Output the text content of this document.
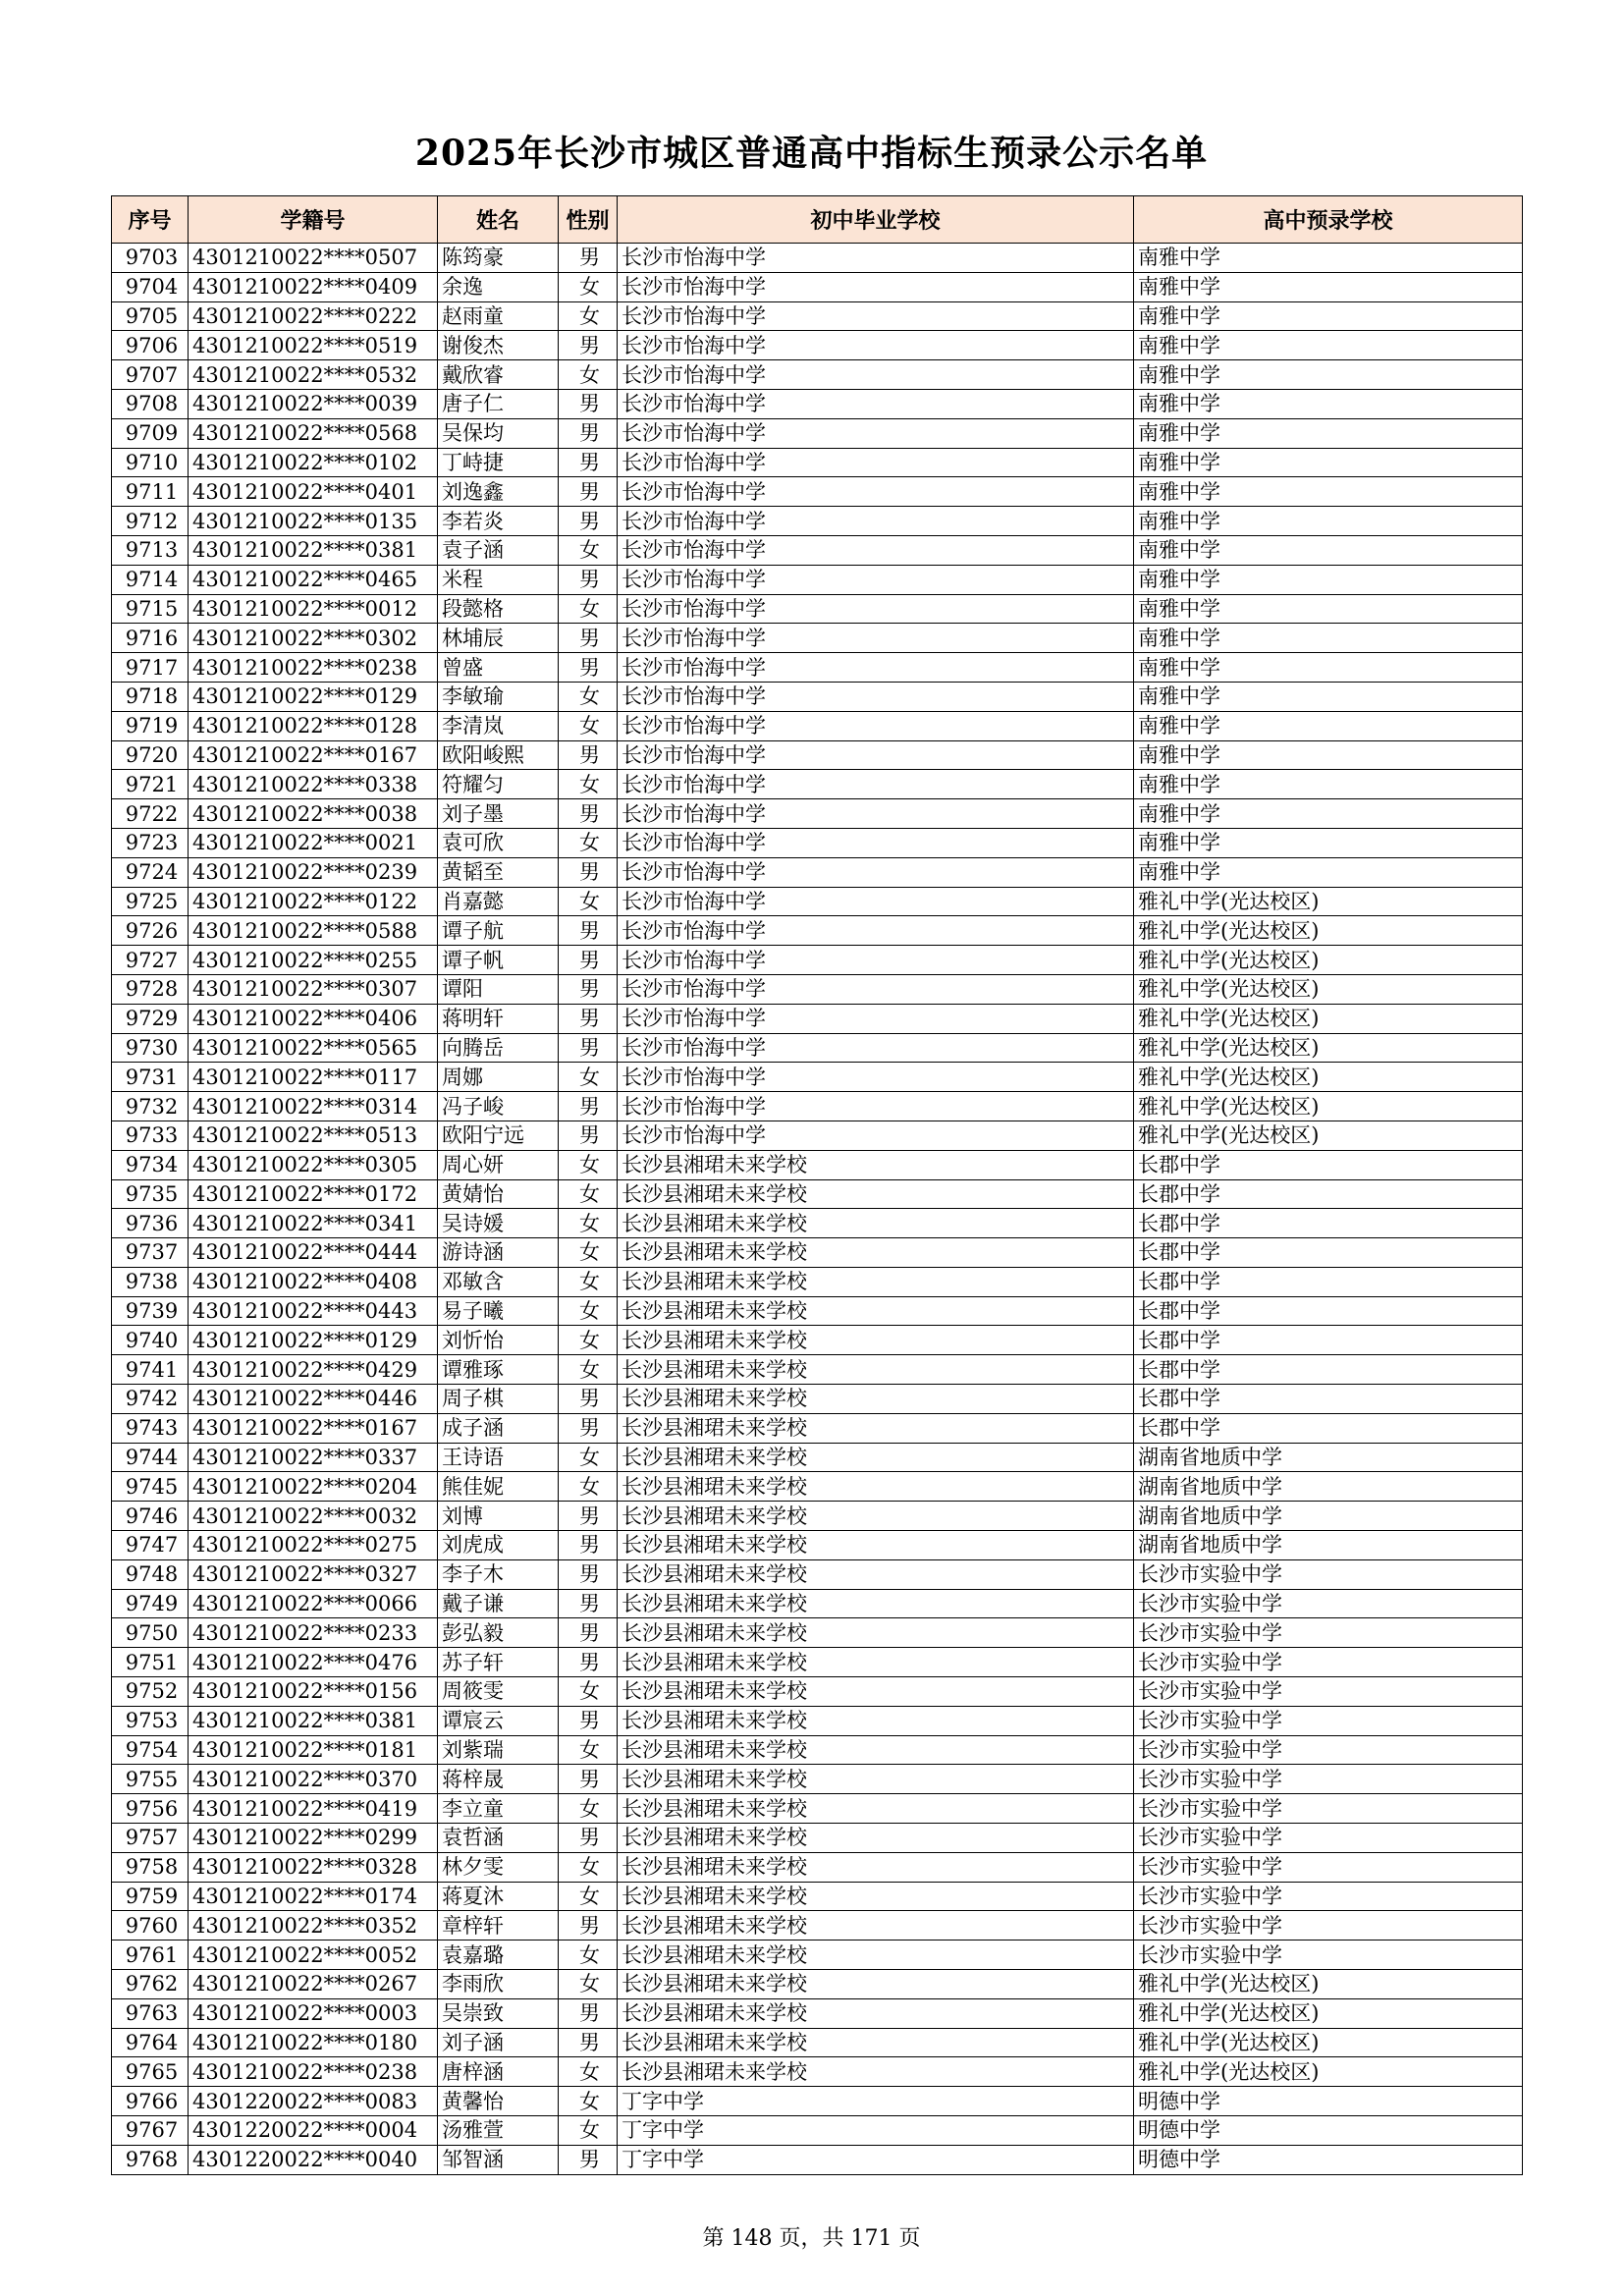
2025年长沙市城区普通高中指标生预录公示名单
序号	学籍号	姓名	性别	初中毕业学校	高中预录学校
9703	4301210022****0507	陈筠豪	男	长沙市怡海中学	南雅中学
9704	4301210022****0409	余逸	女	长沙市怡海中学	南雅中学
9705	4301210022****0222	赵雨童	女	长沙市怡海中学	南雅中学
9706	4301210022****0519	谢俊杰	男	长沙市怡海中学	南雅中学
9707	4301210022****0532	戴欣睿	女	长沙市怡海中学	南雅中学
9708	4301210022****0039	唐子仁	男	长沙市怡海中学	南雅中学
9709	4301210022****0568	吴保均	男	长沙市怡海中学	南雅中学
9710	4301210022****0102	丁峙捷	男	长沙市怡海中学	南雅中学
9711	4301210022****0401	刘逸鑫	男	长沙市怡海中学	南雅中学
9712	4301210022****0135	李若炎	男	长沙市怡海中学	南雅中学
9713	4301210022****0381	袁子涵	女	长沙市怡海中学	南雅中学
9714	4301210022****0465	米程	男	长沙市怡海中学	南雅中学
9715	4301210022****0012	段懿格	女	长沙市怡海中学	南雅中学
9716	4301210022****0302	林埔辰	男	长沙市怡海中学	南雅中学
9717	4301210022****0238	曾盛	男	长沙市怡海中学	南雅中学
9718	4301210022****0129	李敏瑜	女	长沙市怡海中学	南雅中学
9719	4301210022****0128	李清岚	女	长沙市怡海中学	南雅中学
9720	4301210022****0167	欧阳峻熙	男	长沙市怡海中学	南雅中学
9721	4301210022****0338	符耀匀	女	长沙市怡海中学	南雅中学
9722	4301210022****0038	刘子墨	男	长沙市怡海中学	南雅中学
9723	4301210022****0021	袁可欣	女	长沙市怡海中学	南雅中学
9724	4301210022****0239	黄韬至	男	长沙市怡海中学	南雅中学
9725	4301210022****0122	肖嘉懿	女	长沙市怡海中学	雅礼中学(光达校区)
9726	4301210022****0588	谭子航	男	长沙市怡海中学	雅礼中学(光达校区)
9727	4301210022****0255	谭子帆	男	长沙市怡海中学	雅礼中学(光达校区)
9728	4301210022****0307	谭阳	男	长沙市怡海中学	雅礼中学(光达校区)
9729	4301210022****0406	蒋明轩	男	长沙市怡海中学	雅礼中学(光达校区)
9730	4301210022****0565	向腾岳	男	长沙市怡海中学	雅礼中学(光达校区)
9731	4301210022****0117	周娜	女	长沙市怡海中学	雅礼中学(光达校区)
9732	4301210022****0314	冯子峻	男	长沙市怡海中学	雅礼中学(光达校区)
9733	4301210022****0513	欧阳宁远	男	长沙市怡海中学	雅礼中学(光达校区)
9734	4301210022****0305	周心妍	女	长沙县湘珺未来学校	长郡中学
9735	4301210022****0172	黄婧怡	女	长沙县湘珺未来学校	长郡中学
9736	4301210022****0341	吴诗媛	女	长沙县湘珺未来学校	长郡中学
9737	4301210022****0444	游诗涵	女	长沙县湘珺未来学校	长郡中学
9738	4301210022****0408	邓敏含	女	长沙县湘珺未来学校	长郡中学
9739	4301210022****0443	易子曦	女	长沙县湘珺未来学校	长郡中学
9740	4301210022****0129	刘忻怡	女	长沙县湘珺未来学校	长郡中学
9741	4301210022****0429	谭雅琢	女	长沙县湘珺未来学校	长郡中学
9742	4301210022****0446	周子棋	男	长沙县湘珺未来学校	长郡中学
9743	4301210022****0167	成子涵	男	长沙县湘珺未来学校	长郡中学
9744	4301210022****0337	王诗语	女	长沙县湘珺未来学校	湖南省地质中学
9745	4301210022****0204	熊佳妮	女	长沙县湘珺未来学校	湖南省地质中学
9746	4301210022****0032	刘博	男	长沙县湘珺未来学校	湖南省地质中学
9747	4301210022****0275	刘虎成	男	长沙县湘珺未来学校	湖南省地质中学
9748	4301210022****0327	李子木	男	长沙县湘珺未来学校	长沙市实验中学
9749	4301210022****0066	戴子谦	男	长沙县湘珺未来学校	长沙市实验中学
9750	4301210022****0233	彭弘毅	男	长沙县湘珺未来学校	长沙市实验中学
9751	4301210022****0476	苏子轩	男	长沙县湘珺未来学校	长沙市实验中学
9752	4301210022****0156	周筱雯	女	长沙县湘珺未来学校	长沙市实验中学
9753	4301210022****0381	谭宸云	男	长沙县湘珺未来学校	长沙市实验中学
9754	4301210022****0181	刘紫瑞	女	长沙县湘珺未来学校	长沙市实验中学
9755	4301210022****0370	蒋梓晟	男	长沙县湘珺未来学校	长沙市实验中学
9756	4301210022****0419	李立童	女	长沙县湘珺未来学校	长沙市实验中学
9757	4301210022****0299	袁哲涵	男	长沙县湘珺未来学校	长沙市实验中学
9758	4301210022****0328	林夕雯	女	长沙县湘珺未来学校	长沙市实验中学
9759	4301210022****0174	蒋夏沐	女	长沙县湘珺未来学校	长沙市实验中学
9760	4301210022****0352	章梓轩	男	长沙县湘珺未来学校	长沙市实验中学
9761	4301210022****0052	袁嘉璐	女	长沙县湘珺未来学校	长沙市实验中学
9762	4301210022****0267	李雨欣	女	长沙县湘珺未来学校	雅礼中学(光达校区)
9763	4301210022****0003	吴崇致	男	长沙县湘珺未来学校	雅礼中学(光达校区)
9764	4301210022****0180	刘子涵	男	长沙县湘珺未来学校	雅礼中学(光达校区)
9765	4301210022****0238	唐梓涵	女	长沙县湘珺未来学校	雅礼中学(光达校区)
9766	4301220022****0083	黄馨怡	女	丁字中学	明德中学
9767	4301220022****0004	汤雅萱	女	丁字中学	明德中学
9768	4301220022****0040	邹智涵	男	丁字中学	明德中学
第 148 页，共 171 页
